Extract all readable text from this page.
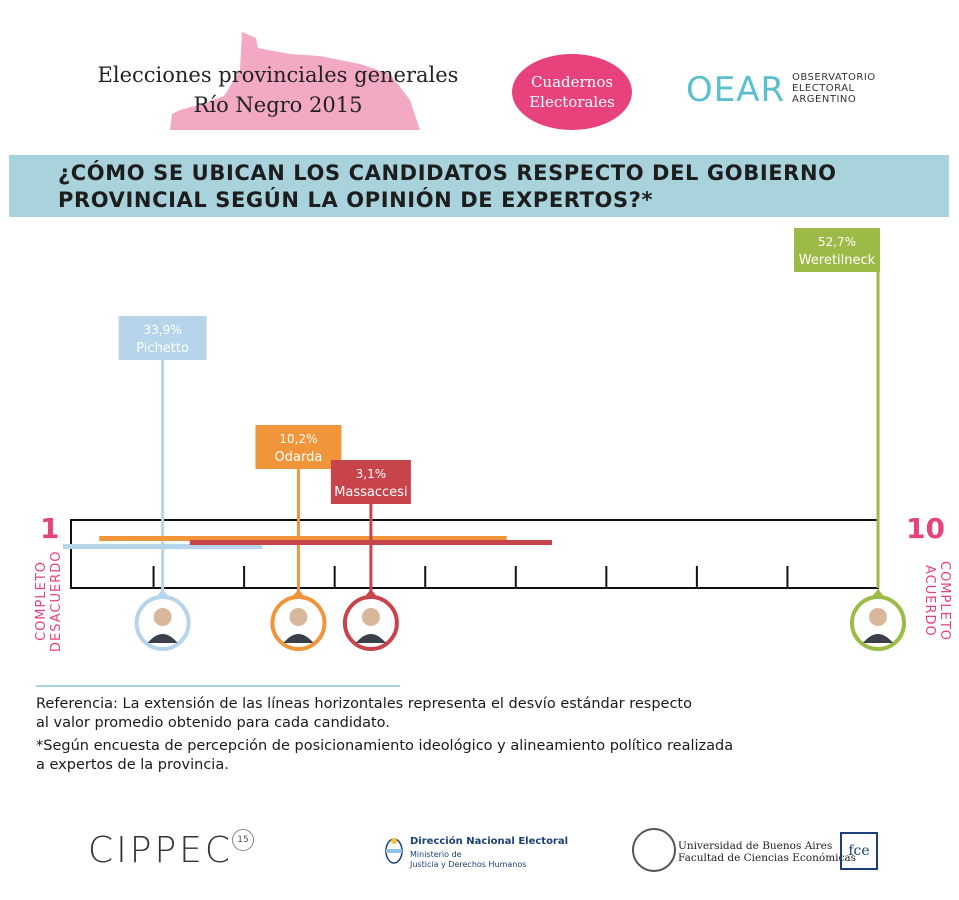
Elecciones provinciales generales
Río Negro 2015
Cuadernos
Electorales OEAR OBSERVATORIO
ELECTORAL
ARGENTINO
¿CÓMO SE UBICAN LOS CANDIDATOS RESPECTO DEL GOBIERNO
PROVINCIAL SEGÚN LA OPINIÓN DE EXPERTOS?*
33,9%
Pichetto
10,2%
Odarda
3,1%
Massaccesi
52,7%
Weretilneck
1	10
COMPLETO
DESACUERDO	COMPLETO
ACUERDO
Referencia: La extensión de las líneas horizontales representa el desvío estándar respecto
al valor promedio obtenido para cada candidato.
*Según encuesta de percepción de posicionamiento ideológico y alineamiento político realizada
a expertos de la provincia.
CIPPEC 15	Dirección Nacional Electoral
Ministerio de
Justicia y Derechos Humanos
Universidad de Buenos Aires
Facultad de Ciencias Económicas
fce
